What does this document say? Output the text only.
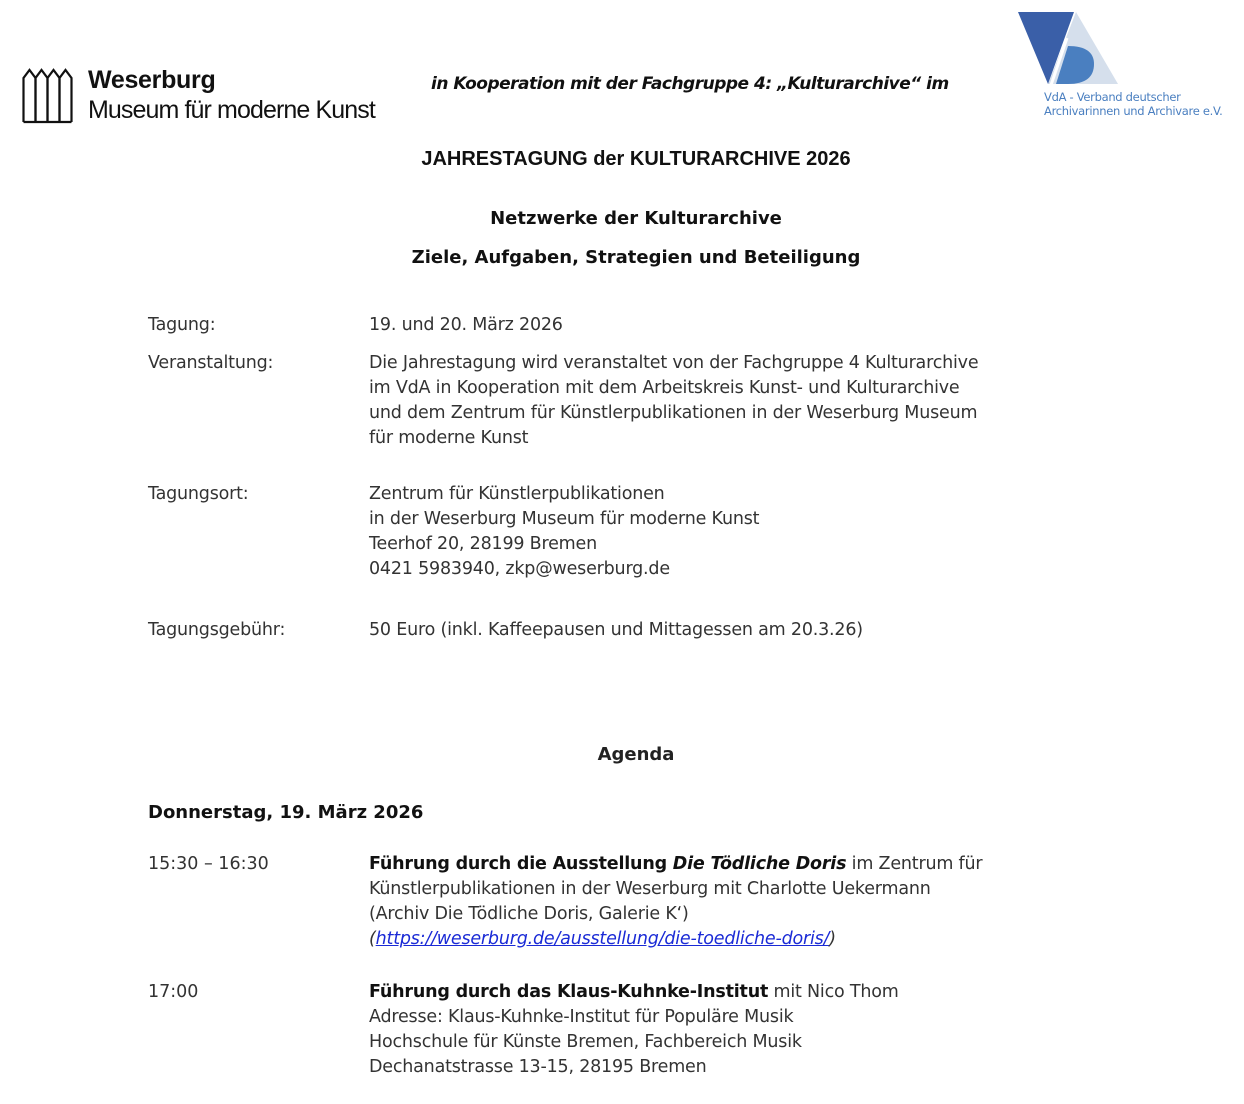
Weserburg
Museum für moderne Kunst
in Kooperation mit der Fachgruppe 4: „Kulturarchive“ im
VdA - Verband deutscher
Archivarinnen und Archivare e.V.
JAHRESTAGUNG der KULTURARCHIVE 2026
Netzwerke der Kulturarchive
Ziele, Aufgaben, Strategien und Beteiligung
Tagung:	19. und 20. März 2026
Veranstaltung:	Die Jahrestagung wird veranstaltet von der Fachgruppe 4 Kulturarchive
im VdA in Kooperation mit dem Arbeitskreis Kunst- und Kulturarchive
und dem Zentrum für Künstlerpublikationen in der Weserburg Museum
für moderne Kunst
Tagungsort:	Zentrum für Künstlerpublikationen
in der Weserburg Museum für moderne Kunst
Teerhof 20, 28199 Bremen
0421 5983940, zkp@weserburg.de
Tagungsgebühr:	50 Euro (inkl. Kaffeepausen und Mittagessen am 20.3.26)
Agenda
Donnerstag, 19. März 2026
15:30 – 16:30	Führung durch die Ausstellung Die Tödliche Doris im Zentrum für
Künstlerpublikationen in der Weserburg mit Charlotte Uekermann
(Archiv Die Tödliche Doris, Galerie K‘)
(https://weserburg.de/ausstellung/die-toedliche-doris/)
17:00	Führung durch das Klaus-Kuhnke-Institut mit Nico Thom
Adresse: Klaus-Kuhnke-Institut für Populäre Musik
Hochschule für Künste Bremen, Fachbereich Musik
Dechanatstrasse 13-15, 28195 Bremen
